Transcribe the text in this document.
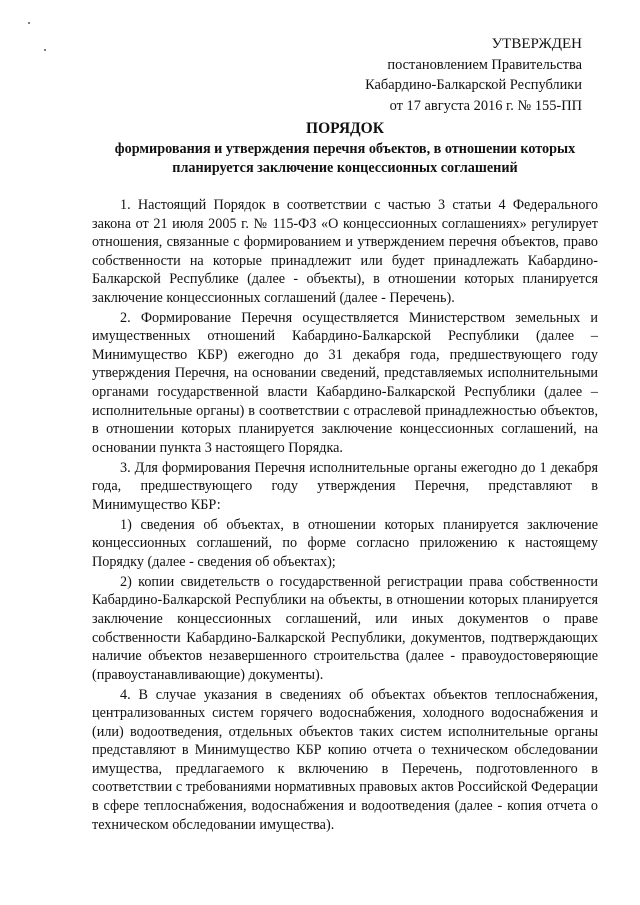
УТВЕРЖДЕН
постановлением Правительства
Кабардино-Балкарской Республики
от 17 августа 2016 г. № 155-ПП
ПОРЯДОК

формирования и утверждения перечня объектов, в отношении которых планируется заключение концессионных соглашений

1. Настоящий Порядок в соответствии с частью 3 статьи 4 Федерального закона от 21 июля 2005 г. № 115-ФЗ «О концессионных соглашениях» регулирует отношения, связанные с формированием и утверждением перечня объектов, право собственности на которые принадлежит или будет принадлежать Кабардино-Балкарской Республике (далее - объекты), в отношении которых планируется заключение концессионных соглашений (далее - Перечень).

2. Формирование Перечня осуществляется Министерством земельных и имущественных отношений Кабардино-Балкарской Республики (далее – Минимущество КБР) ежегодно до 31 декабря года, предшествующего году утверждения Перечня, на основании сведений, представляемых исполнительными органами государственной власти Кабардино-Балкарской Республики (далее – исполнительные органы) в соответствии с отраслевой принадлежностью объектов, в отношении которых планируется заключение концессионных соглашений, на основании пункта 3 настоящего Порядка.

3. Для формирования Перечня исполнительные органы ежегодно до 1 декабря года, предшествующего году утверждения Перечня, представляют в Минимущество КБР:

1) сведения об объектах, в отношении которых планируется заключение концессионных соглашений, по форме согласно приложению к настоящему Порядку (далее - сведения об объектах);

2) копии свидетельств о государственной регистрации права собственности Кабардино-Балкарской Республики на объекты, в отношении которых планируется заключение концессионных соглашений, или иных документов о праве собственности Кабардино-Балкарской Республики, документов, подтверждающих наличие объектов незавершенного строительства (далее - правоудостоверяющие (правоустанавливающие) документы).

4. В случае указания в сведениях об объектах объектов теплоснабжения, централизованных систем горячего водоснабжения, холодного водоснабжения и (или) водоотведения, отдельных объектов таких систем исполнительные органы представляют в Минимущество КБР копию отчета о техническом обследовании имущества, предлагаемого к включению в Перечень, подготовленного в соответствии с требованиями нормативных правовых актов Российской Федерации в сфере теплоснабжения, водоснабжения и водоотведения (далее - копия отчета о техническом обследовании имущества).
